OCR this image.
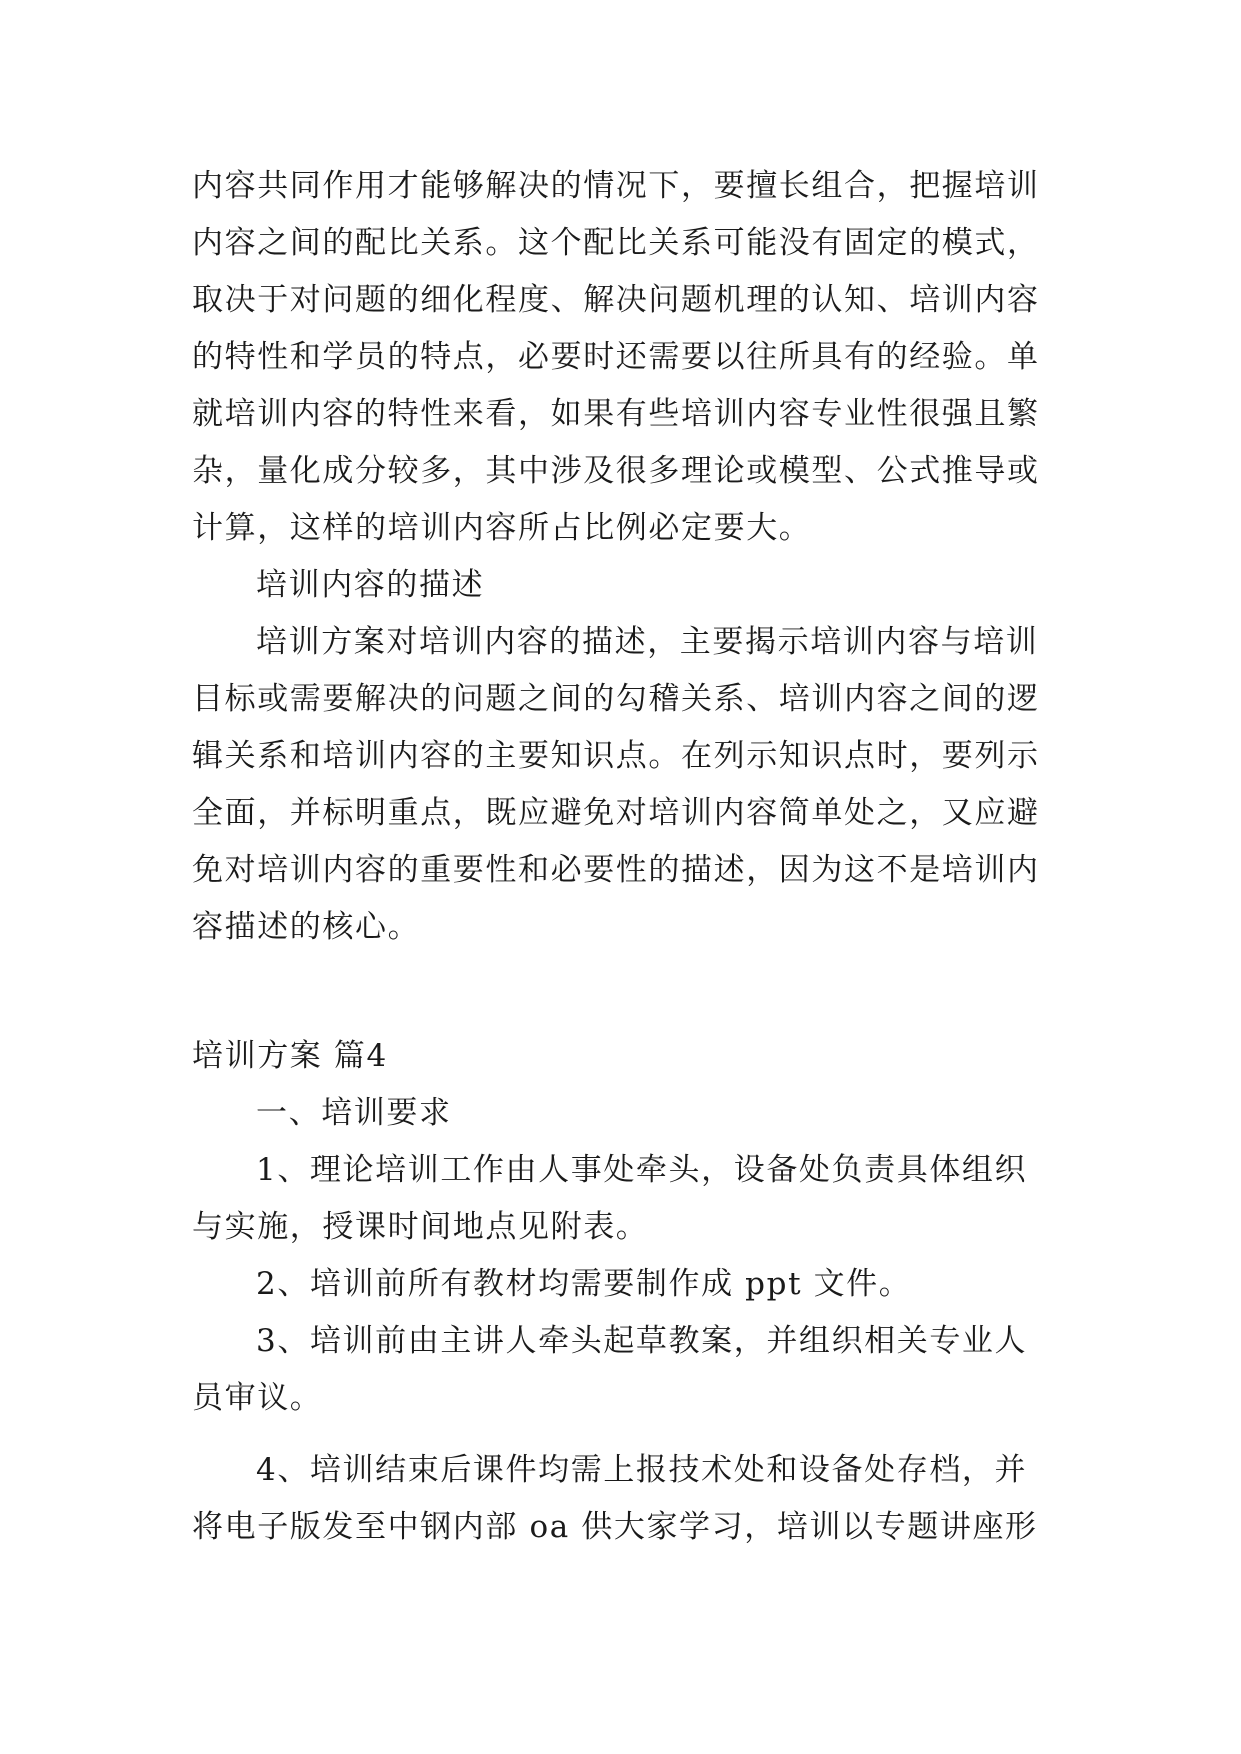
内容共同作用才能够解决的情况下，要擅长组合，把握培训
内容之间的配比关系。这个配比关系可能没有固定的模式，
取决于对问题的细化程度、解决问题机理的认知、培训内容
的特性和学员的特点，必要时还需要以往所具有的经验。单
就培训内容的特性来看，如果有些培训内容专业性很强且繁
杂，量化成分较多，其中涉及很多理论或模型、公式推导或
计算，这样的培训内容所占比例必定要大。
培训内容的描述
培训方案对培训内容的描述，主要揭示培训内容与培训
目标或需要解决的问题之间的勾稽关系、培训内容之间的逻
辑关系和培训内容的主要知识点。在列示知识点时，要列示
全面，并标明重点，既应避免对培训内容简单处之，又应避
免对培训内容的重要性和必要性的描述，因为这不是培训内
容描述的核心。
培训方案 篇4
一、培训要求
1、理论培训工作由人事处牵头，设备处负责具体组织
与实施，授课时间地点见附表。
2、培训前所有教材均需要制作成 ppt 文件。
3、培训前由主讲人牵头起草教案，并组织相关专业人
员审议。
4、培训结束后课件均需上报技术处和设备处存档，并
将电子版发至中钢内部 oa 供大家学习，培训以专题讲座形
